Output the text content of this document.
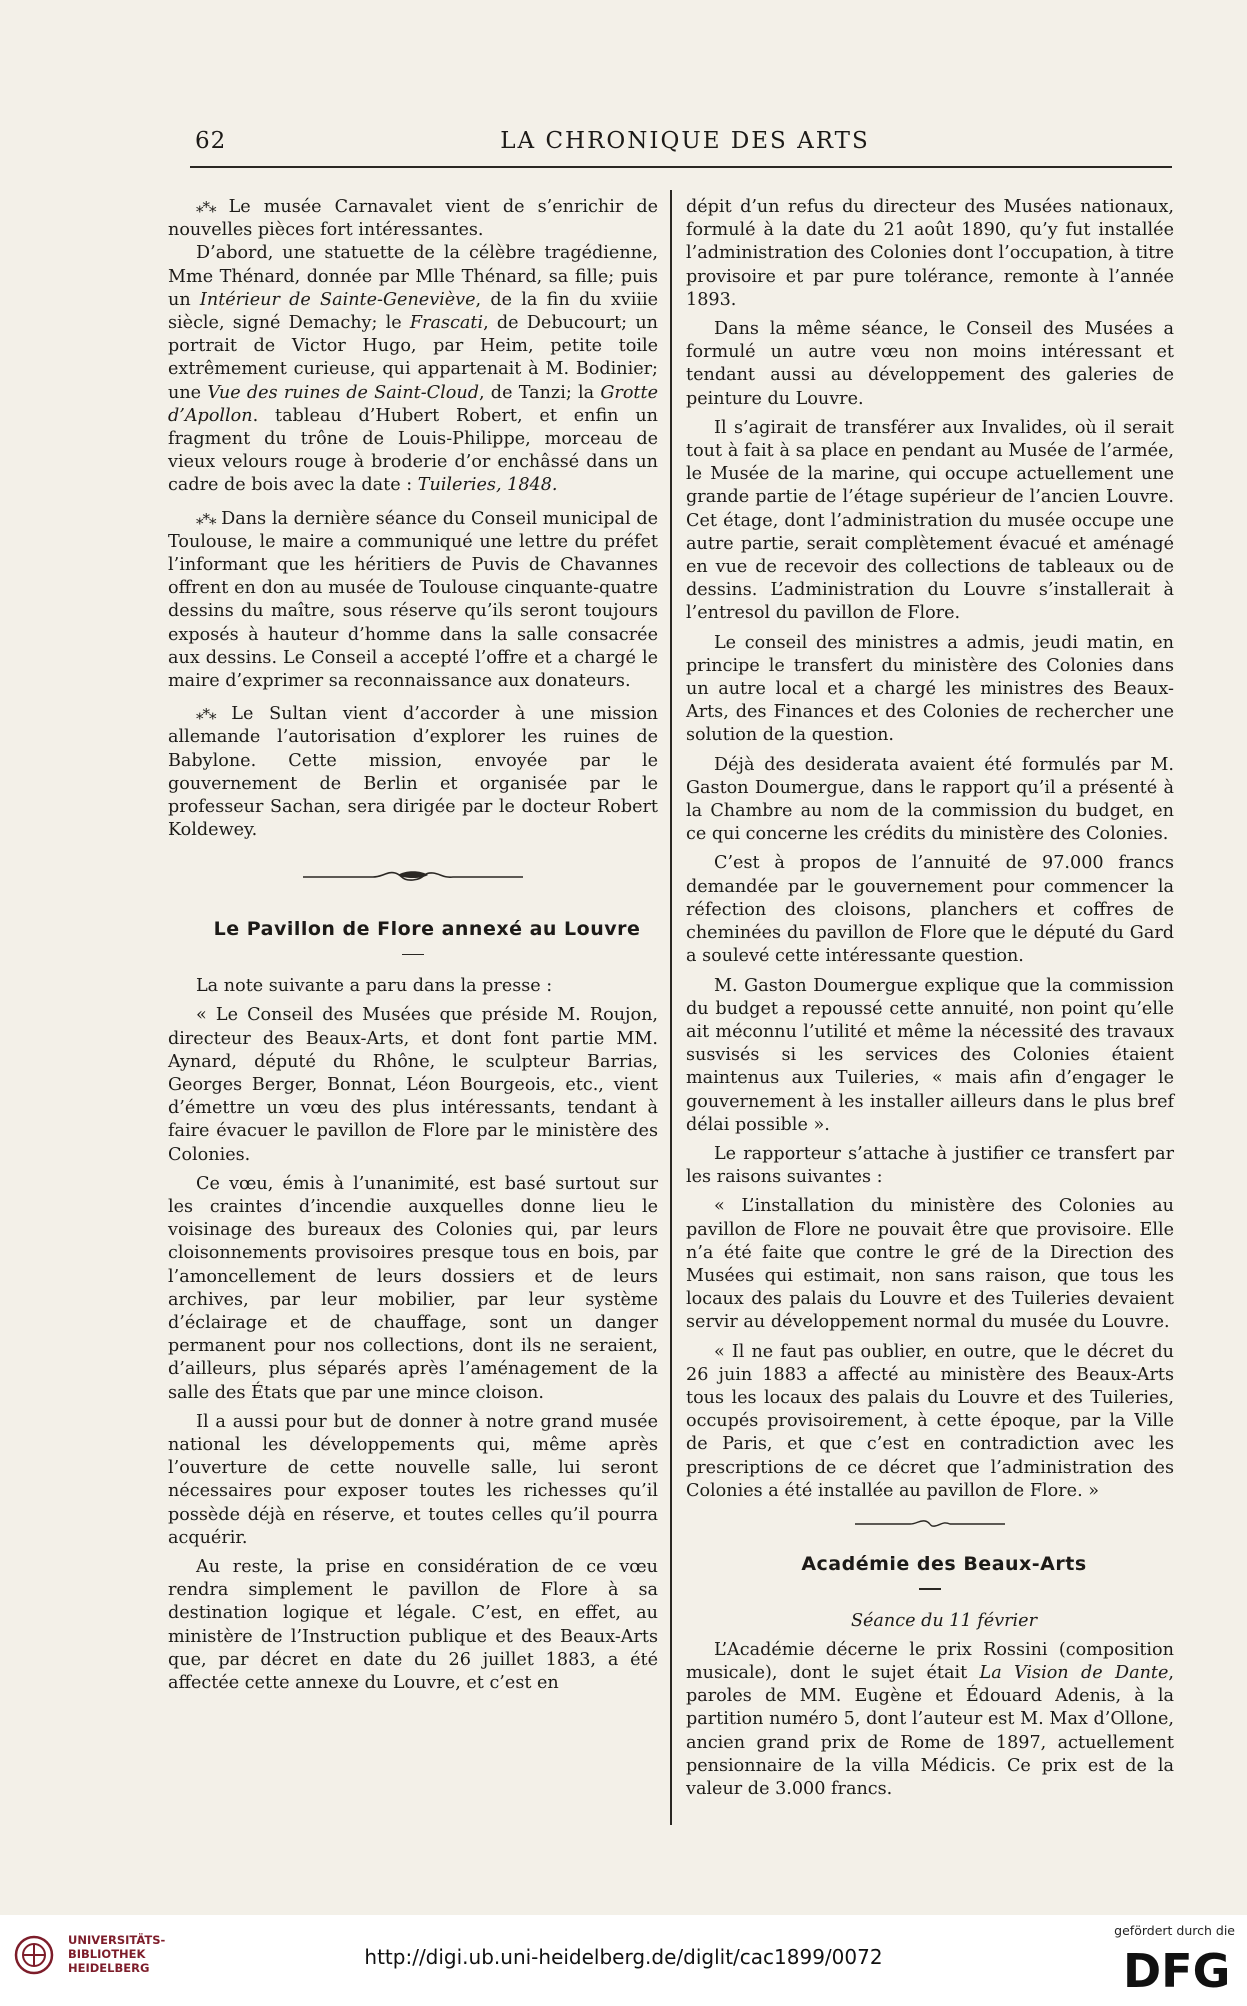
62	LA CHRONIQUE DES ARTS

⁎*⁎ Le musée Carnavalet vient de s’enrichir de nouvelles pièces fort intéressantes.

D’abord, une statuette de la célèbre tragédienne, Mme Thénard, donnée par Mlle Thénard, sa fille; puis un Intérieur de Sainte-Geneviève, de la fin du xviiie siècle, signé Demachy; le Frascati, de Debucourt; un portrait de Victor Hugo, par Heim, petite toile extrêmement curieuse, qui appartenait à M. Bodinier; une Vue des ruines de Saint-Cloud, de Tanzi; la Grotte d’Apollon. tableau d’Hubert Robert, et enfin un fragment du trône de Louis-Philippe, morceau de vieux velours rouge à broderie d’or enchâssé dans un cadre de bois avec la date : Tuileries, 1848.

⁎*⁎ Dans la dernière séance du Conseil municipal de Toulouse, le maire a communiqué une lettre du préfet l’informant que les héritiers de Puvis de Chavannes offrent en don au musée de Toulouse cinquante-quatre dessins du maître, sous réserve qu’ils seront toujours exposés à hauteur d’homme dans la salle consacrée aux dessins. Le Conseil a accepté l’offre et a chargé le maire d’exprimer sa reconnaissance aux donateurs.

⁎*⁎ Le Sultan vient d’accorder à une mission allemande l’autorisation d’explorer les ruines de Babylone. Cette mission, envoyée par le gouvernement de Berlin et organisée par le professeur Sachan, sera dirigée par le docteur Robert Koldewey.

Le Pavillon de Flore annexé au Louvre

La note suivante a paru dans la presse :

« Le Conseil des Musées que préside M. Roujon, directeur des Beaux-Arts, et dont font partie MM. Aynard, député du Rhône, le sculpteur Barrias, Georges Berger, Bonnat, Léon Bourgeois, etc., vient d’émettre un vœu des plus intéressants, tendant à faire évacuer le pavillon de Flore par le ministère des Colonies.

Ce vœu, émis à l’unanimité, est basé surtout sur les craintes d’incendie auxquelles donne lieu le voisinage des bureaux des Colonies qui, par leurs cloisonnements provisoires presque tous en bois, par l’amoncellement de leurs dossiers et de leurs archives, par leur mobilier, par leur système d’éclairage et de chauffage, sont un danger permanent pour nos collections, dont ils ne seraient, d’ailleurs, plus séparés après l’aménagement de la salle des États que par une mince cloison.

Il a aussi pour but de donner à notre grand musée national les développements qui, même après l’ouverture de cette nouvelle salle, lui seront nécessaires pour exposer toutes les richesses qu’il possède déjà en réserve, et toutes celles qu’il pourra acquérir.

Au reste, la prise en considération de ce vœu rendra simplement le pavillon de Flore à sa destination logique et légale. C’est, en effet, au ministère de l’Instruction publique et des Beaux-Arts que, par décret en date du 26 juillet 1883, a été affectée cette annexe du Louvre, et c’est en

dépit d’un refus du directeur des Musées nationaux, formulé à la date du 21 août 1890, qu’y fut installée l’administration des Colonies dont l’occupation, à titre provisoire et par pure tolérance, remonte à l’année 1893.

Dans la même séance, le Conseil des Musées a formulé un autre vœu non moins intéressant et tendant aussi au développement des galeries de peinture du Louvre.

Il s’agirait de transférer aux Invalides, où il serait tout à fait à sa place en pendant au Musée de l’armée, le Musée de la marine, qui occupe actuellement une grande partie de l’étage supérieur de l’ancien Louvre. Cet étage, dont l’administration du musée occupe une autre partie, serait complètement évacué et aménagé en vue de recevoir des collections de tableaux ou de dessins. L’administration du Louvre s’installerait à l’entresol du pavillon de Flore.

Le conseil des ministres a admis, jeudi matin, en principe le transfert du ministère des Colonies dans un autre local et a chargé les ministres des Beaux-Arts, des Finances et des Colonies de rechercher une solution de la question.

Déjà des desiderata avaient été formulés par M. Gaston Doumergue, dans le rapport qu’il a présenté à la Chambre au nom de la commission du budget, en ce qui concerne les crédits du ministère des Colonies.

C’est à propos de l’annuité de 97.000 francs demandée par le gouvernement pour commencer la réfection des cloisons, planchers et coffres de cheminées du pavillon de Flore que le député du Gard a soulevé cette intéressante question.

M. Gaston Doumergue explique que la commission du budget a repoussé cette annuité, non point qu’elle ait méconnu l’utilité et même la nécessité des travaux susvisés si les services des Colonies étaient maintenus aux Tuileries, « mais afin d’engager le gouvernement à les installer ailleurs dans le plus bref délai possible ».

Le rapporteur s’attache à justifier ce transfert par les raisons suivantes :

« L’installation du ministère des Colonies au pavillon de Flore ne pouvait être que provisoire. Elle n’a été faite que contre le gré de la Direction des Musées qui estimait, non sans raison, que tous les locaux des palais du Louvre et des Tuileries devaient servir au développement normal du musée du Louvre.

« Il ne faut pas oublier, en outre, que le décret du 26 juin 1883 a affecté au ministère des Beaux-Arts tous les locaux des palais du Louvre et des Tuileries, occupés provisoirement, à cette époque, par la Ville de Paris, et que c’est en contradiction avec les prescriptions de ce décret que l’administration des Colonies a été installée au pavillon de Flore. »

Académie des Beaux-Arts

Séance du 11 février

L’Académie décerne le prix Rossini (composition musicale), dont le sujet était La Vision de Dante, paroles de MM. Eugène et Édouard Adenis, à la partition numéro 5, dont l’auteur est M. Max d’Ollone, ancien grand prix de Rome de 1897, actuellement pensionnaire de la villa Médicis. Ce prix est de la valeur de 3.000 francs.

UNIVERSITÄTS-
BIBLIOTHEK
HEIDELBERG	http://digi.ub.uni-heidelberg.de/diglit/cac1899/0072
gefördert durch die
DFG
